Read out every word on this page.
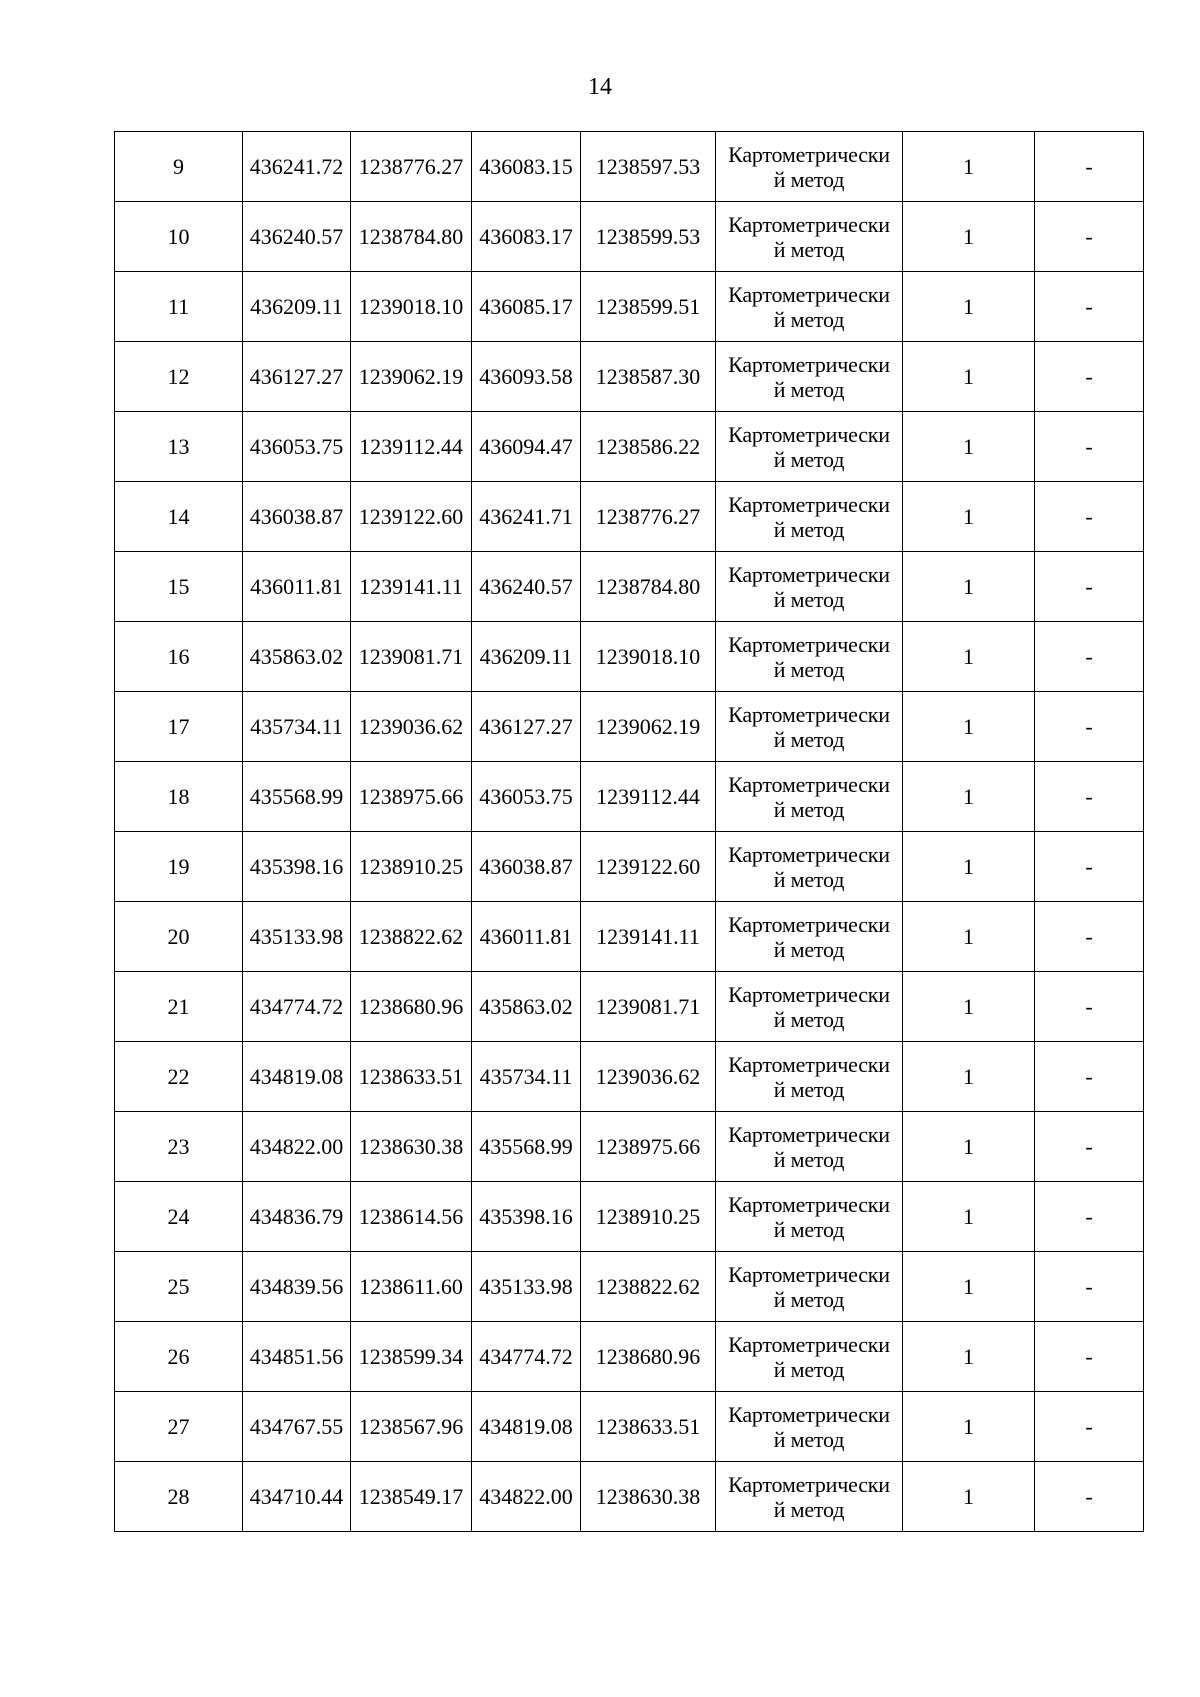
14
9	436241.72	1238776.27	436083.15	1238597.53	Картометрически
й метод	1	-
10	436240.57	1238784.80	436083.17	1238599.53	Картометрически
й метод	1	-
11	436209.11	1239018.10	436085.17	1238599.51	Картометрически
й метод	1	-
12	436127.27	1239062.19	436093.58	1238587.30	Картометрически
й метод	1	-
13	436053.75	1239112.44	436094.47	1238586.22	Картометрически
й метод	1	-
14	436038.87	1239122.60	436241.71	1238776.27	Картометрически
й метод	1	-
15	436011.81	1239141.11	436240.57	1238784.80	Картометрически
й метод	1	-
16	435863.02	1239081.71	436209.11	1239018.10	Картометрически
й метод	1	-
17	435734.11	1239036.62	436127.27	1239062.19	Картометрически
й метод	1	-
18	435568.99	1238975.66	436053.75	1239112.44	Картометрически
й метод	1	-
19	435398.16	1238910.25	436038.87	1239122.60	Картометрически
й метод	1	-
20	435133.98	1238822.62	436011.81	1239141.11	Картометрически
й метод	1	-
21	434774.72	1238680.96	435863.02	1239081.71	Картометрически
й метод	1	-
22	434819.08	1238633.51	435734.11	1239036.62	Картометрически
й метод	1	-
23	434822.00	1238630.38	435568.99	1238975.66	Картометрически
й метод	1	-
24	434836.79	1238614.56	435398.16	1238910.25	Картометрически
й метод	1	-
25	434839.56	1238611.60	435133.98	1238822.62	Картометрически
й метод	1	-
26	434851.56	1238599.34	434774.72	1238680.96	Картометрически
й метод	1	-
27	434767.55	1238567.96	434819.08	1238633.51	Картометрически
й метод	1	-
28	434710.44	1238549.17	434822.00	1238630.38	Картометрически
й метод	1	-
